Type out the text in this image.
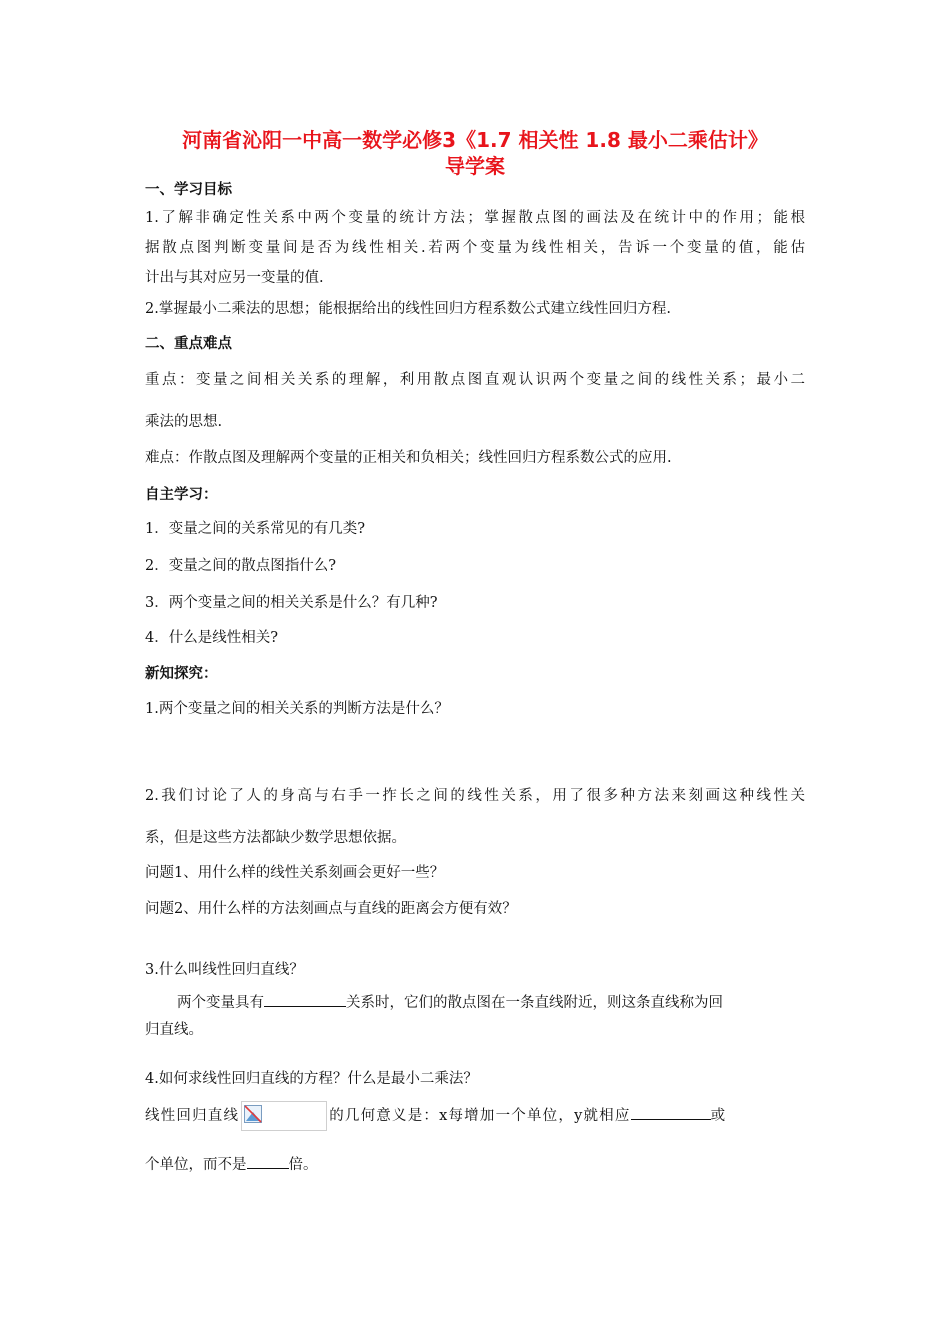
河南省沁阳一中高一数学必修3《1.7 相关性 1.8 最小二乘估计》
导学案
一、学习目标
1.了解非确定性关系中两个变量的统计方法；掌握散点图的画法及在统计中的作用；能根
据散点图判断变量间是否为线性相关.若两个变量为线性相关，告诉一个变量的值，能估
计出与其对应另一变量的值.
2.掌握最小二乘法的思想；能根据给出的线性回归方程系数公式建立线性回归方程.
二、重点难点
重点：变量之间相关关系的理解，利用散点图直观认识两个变量之间的线性关系；最小二
乘法的思想.
难点：作散点图及理解两个变量的正相关和负相关；线性回归方程系数公式的应用.
自主学习：
1．变量之间的关系常见的有几类?
2．变量之间的散点图指什么?
3．两个变量之间的相关关系是什么？有几种?
4．什么是线性相关?
新知探究：
1.两个变量之间的相关关系的判断方法是什么？
2.我们讨论了人的身高与右手一拃长之间的线性关系，用了很多种方法来刻画这种线性关
系，但是这些方法都缺少数学思想依据。
问题1、用什么样的线性关系刻画会更好一些？
问题2、用什么样的方法刻画点与直线的距离会方便有效？
3.什么叫线性回归直线？
两个变量具有	关系时，它们的散点图在一条直线附近，则这条直线称为回
归直线。
4.如何求线性回归直线的方程？什么是最小二乘法？
线性回归直线	的几何意义是：x每增加一个单位，y就相应	或
个单位，而不是	倍。
